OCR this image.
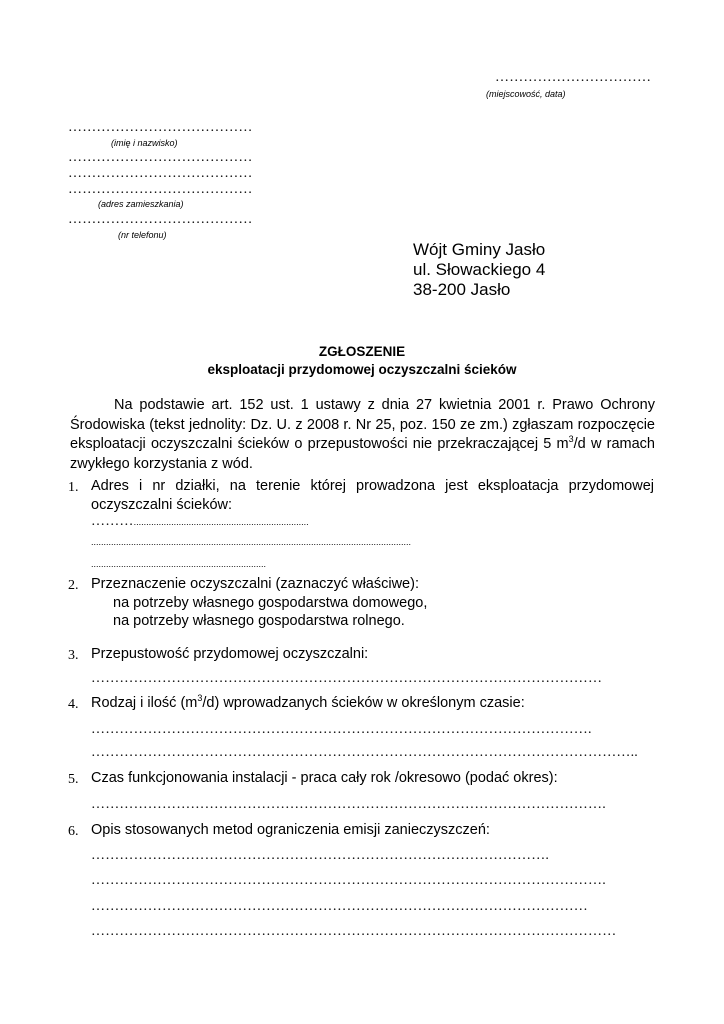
……………………………
(miejscowość, data)
…………………………………
(imię i nazwisko)
…………………………………
…………………………………
…………………………………
(adres zamieszkania)
…………………………………
(nr telefonu)
Wójt Gminy Jasło
ul. Słowackiego 4
38-200 Jasło
ZGŁOSZENIE
eksploatacji przydomowej oczyszczalni ścieków
Na podstawie art. 152 ust. 1 ustawy z dnia 27 kwietnia 2001 r. Prawo Ochrony Środowiska (tekst jednolity: Dz. U. z 2008 r. Nr 25, poz. 150 ze zm.) zgłaszam rozpoczęcie eksploatacji oczyszczalni ścieków o przepustowości nie przekraczającej 5 $m^3/d$ w ramach zwykłego korzystania z wód.
1. Adres i nr działki, na terenie której prowadzona jest eksploatacja przydomowej
oczyszczalni ścieków:
………......................................................................
................................................................................................................................
......................................................................
2. Przeznaczenie oczyszczalni (zaznaczyć właściwe):
na potrzeby własnego gospodarstwa domowego,
na potrzeby własnego gospodarstwa rolnego.
3. Przepustowość przydomowej oczyszczalni:
………………………………………………………………………………………………
4. Rodzaj i ilość $(m^3/d)$ wprowadzanych ścieków w określonym czasie:
…………………………………………………………………………………………….
……………………………………………………………………………………………………..
5. Czas funkcjonowania instalacji - praca cały rok /okresowo (podać okres):
……………………………………………………………………………………………….
6. Opis stosowanych metod ograniczenia emisji zanieczyszczeń:
…………………………………………………………………………………….
……………………………………………………………………………………………….
……………………………………………………………………………………………
…………………………………………………………………………………………………
